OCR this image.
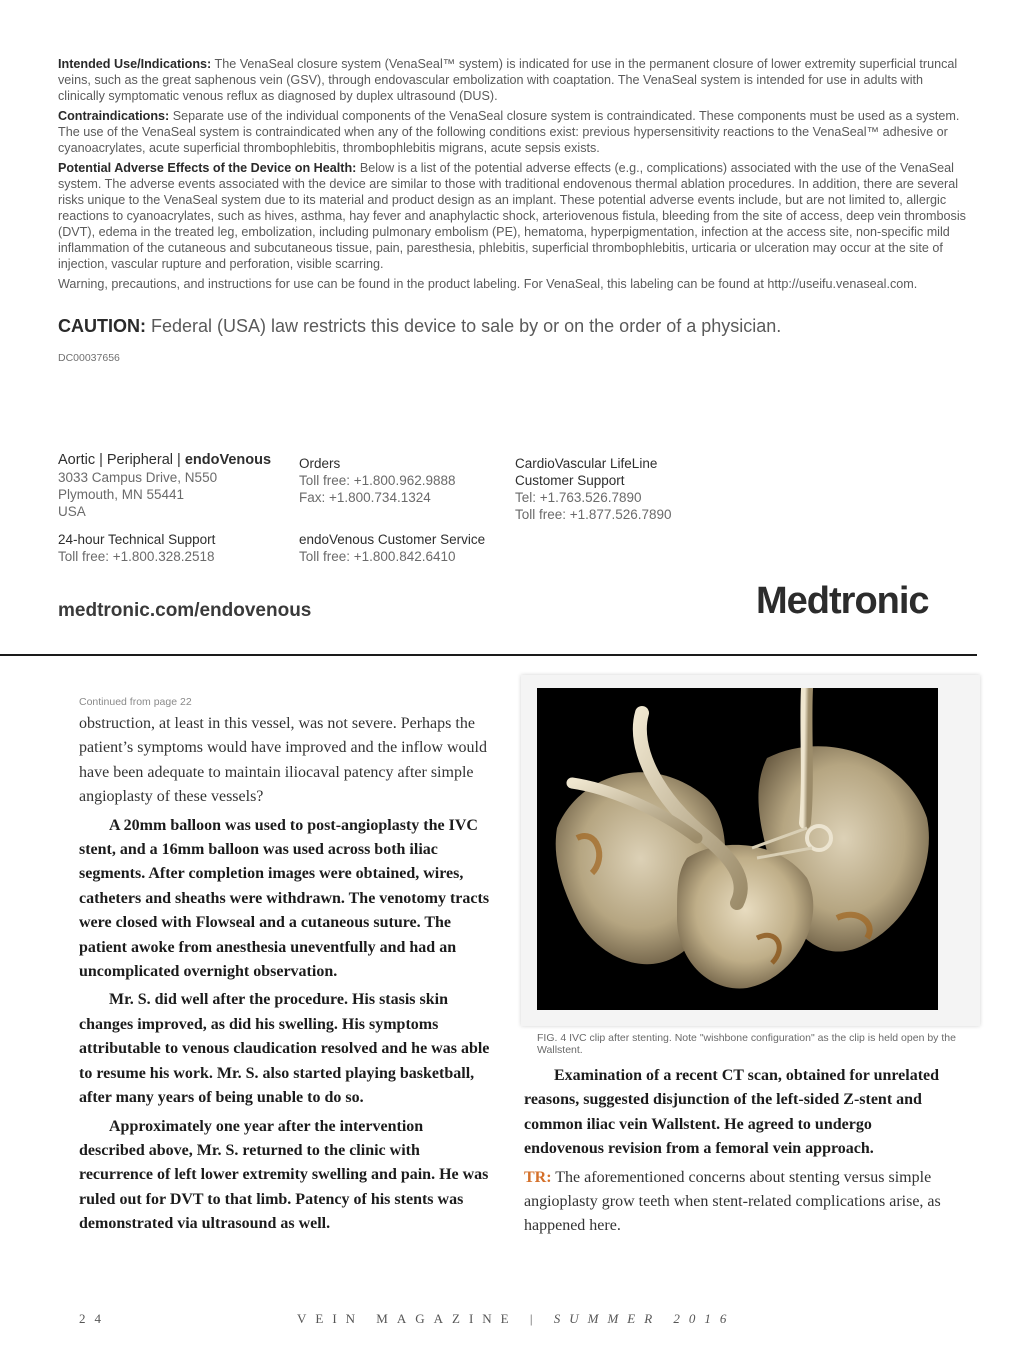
Intended Use/Indications: The VenaSeal closure system (VenaSeal™ system) is indicated for use in the permanent closure of lower extremity superficial truncal veins, such as the great saphenous vein (GSV), through endovascular embolization with coaptation. The VenaSeal system is intended for use in adults with clinically symptomatic venous reflux as diagnosed by duplex ultrasound (DUS).

Contraindications: Separate use of the individual components of the VenaSeal closure system is contraindicated. These components must be used as a system. The use of the VenaSeal system is contraindicated when any of the following conditions exist: previous hypersensitivity reactions to the VenaSeal™ adhesive or cyanoacrylates, acute superficial thrombophlebitis, thrombophlebitis migrans, acute sepsis exists.

Potential Adverse Effects of the Device on Health: Below is a list of the potential adverse effects (e.g., complications) associated with the use of the VenaSeal system. The adverse events associated with the device are similar to those with traditional endovenous thermal ablation procedures. In addition, there are several risks unique to the VenaSeal system due to its material and product design as an implant. These potential adverse events include, but are not limited to, allergic reactions to cyanoacrylates, such as hives, asthma, hay fever and anaphylactic shock, arteriovenous fistula, bleeding from the site of access, deep vein thrombosis (DVT), edema in the treated leg, embolization, including pulmonary embolism (PE), hematoma, hyperpigmentation, infection at the access site, non-specific mild inflammation of the cutaneous and subcutaneous tissue, pain, paresthesia, phlebitis, superficial thrombophlebitis, urticaria or ulceration may occur at the site of injection, vascular rupture and perforation, visible scarring.

Warning, precautions, and instructions for use can be found in the product labeling. For VenaSeal, this labeling can be found at http://useifu.venaseal.com.

CAUTION: Federal (USA) law restricts this device to sale by or on the order of a physician.
DC00037656
Aortic | Peripheral | endoVenous
3033 Campus Drive, N550
Plymouth, MN 55441
USA
24-hour Technical Support
Toll free: +1.800.328.2518
Orders
Toll free: +1.800.962.9888
Fax: +1.800.734.1324
endoVenous Customer Service
Toll free: +1.800.842.6410
CardioVascular LifeLine
Customer Support
Tel: +1.763.526.7890
Toll free: +1.877.526.7890
medtronic.com/endovenous	Medtronic
Continued from page 22

obstruction, at least in this vessel, was not severe. Perhaps the patient’s symptoms would have improved and the inflow would have been adequate to maintain iliocaval patency after simple angioplasty of these vessels?

A 20mm balloon was used to post-angioplasty the IVC stent, and a 16mm balloon was used across both iliac segments. After completion images were obtained, wires, catheters and sheaths were withdrawn. The venotomy tracts were closed with Flowseal and a cutaneous suture. The patient awoke from anesthesia uneventfully and had an uncomplicated overnight observation.

Mr. S. did well after the procedure. His stasis skin changes improved, as did his swelling. His symptoms attributable to venous claudication resolved and he was able to resume his work. Mr. S. also started playing basketball, after many years of being unable to do so.

Approximately one year after the intervention described above, Mr. S. returned to the clinic with recurrence of left lower extremity swelling and pain. He was ruled out for DVT to that limb. Patency of his stents was demonstrated via ultrasound as well.

FIG. 4 IVC clip after stenting. Note "wishbone configuration" as the clip is held open by the Wallstent.

Examination of a recent CT scan, obtained for unrelated reasons, suggested disjunction of the left-sided Z-stent and common iliac vein Wallstent. He agreed to undergo endovenous revision from a femoral vein approach.

TR: The aforementioned concerns about stenting versus simple angioplasty grow teeth when stent-related complications arise, as happened here.

24	VEIN MAGAZINE | SUMMER 2016
